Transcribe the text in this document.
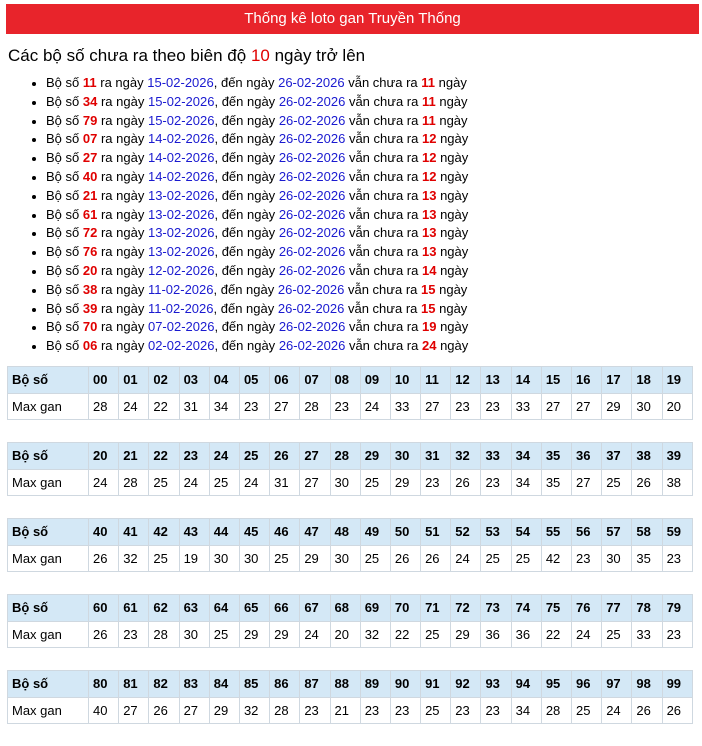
Thống kê loto gan Truyền Thống
Các bộ số chưa ra theo biên độ 10 ngày trở lên
• Bộ số 11 ra ngày 15-02-2026, đến ngày 26-02-2026 vẫn chưa ra 11 ngày
• Bộ số 34 ra ngày 15-02-2026, đến ngày 26-02-2026 vẫn chưa ra 11 ngày
• Bộ số 79 ra ngày 15-02-2026, đến ngày 26-02-2026 vẫn chưa ra 11 ngày
• Bộ số 07 ra ngày 14-02-2026, đến ngày 26-02-2026 vẫn chưa ra 12 ngày
• Bộ số 27 ra ngày 14-02-2026, đến ngày 26-02-2026 vẫn chưa ra 12 ngày
• Bộ số 40 ra ngày 14-02-2026, đến ngày 26-02-2026 vẫn chưa ra 12 ngày
• Bộ số 21 ra ngày 13-02-2026, đến ngày 26-02-2026 vẫn chưa ra 13 ngày
• Bộ số 61 ra ngày 13-02-2026, đến ngày 26-02-2026 vẫn chưa ra 13 ngày
• Bộ số 72 ra ngày 13-02-2026, đến ngày 26-02-2026 vẫn chưa ra 13 ngày
• Bộ số 76 ra ngày 13-02-2026, đến ngày 26-02-2026 vẫn chưa ra 13 ngày
• Bộ số 20 ra ngày 12-02-2026, đến ngày 26-02-2026 vẫn chưa ra 14 ngày
• Bộ số 38 ra ngày 11-02-2026, đến ngày 26-02-2026 vẫn chưa ra 15 ngày
• Bộ số 39 ra ngày 11-02-2026, đến ngày 26-02-2026 vẫn chưa ra 15 ngày
• Bộ số 70 ra ngày 07-02-2026, đến ngày 26-02-2026 vẫn chưa ra 19 ngày
• Bộ số 06 ra ngày 02-02-2026, đến ngày 26-02-2026 vẫn chưa ra 24 ngày
Bộ số	00	01	02	03	04	05	06	07	08	09	10	11	12	13	14	15	16	17	18	19
Max gan	28	24	22	31	34	23	27	28	23	24	33	27	23	23	33	27	27	29	30	20
Bộ số	20	21	22	23	24	25	26	27	28	29	30	31	32	33	34	35	36	37	38	39
Max gan	24	28	25	24	25	24	31	27	30	25	29	23	26	23	34	35	27	25	26	38
Bộ số	40	41	42	43	44	45	46	47	48	49	50	51	52	53	54	55	56	57	58	59
Max gan	26	32	25	19	30	30	25	29	30	25	26	26	24	25	25	42	23	30	35	23
Bộ số	60	61	62	63	64	65	66	67	68	69	70	71	72	73	74	75	76	77	78	79
Max gan	26	23	28	30	25	29	29	24	20	32	22	25	29	36	36	22	24	25	33	23
Bộ số	80	81	82	83	84	85	86	87	88	89	90	91	92	93	94	95	96	97	98	99
Max gan	40	27	26	27	29	32	28	23	21	23	23	25	23	23	34	28	25	24	26	26
